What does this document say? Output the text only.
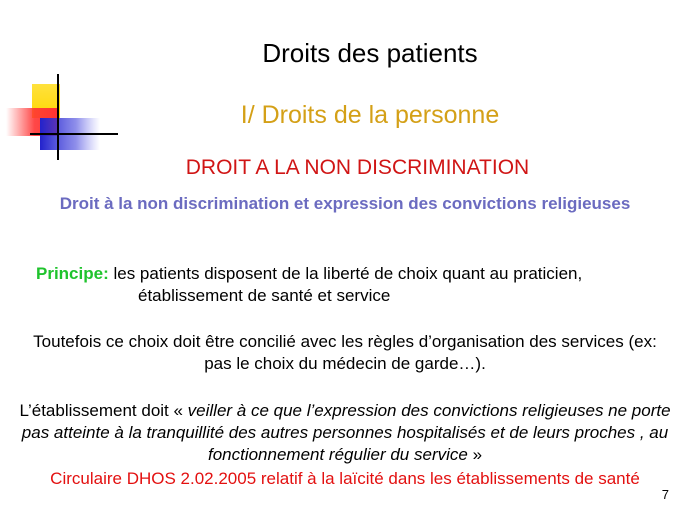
Droits des patients
I/ Droits de la personne
DROIT A LA NON DISCRIMINATION
Droit à la non discrimination et expression des convictions religieuses
Principe: les patients disposent de la liberté de choix quant au praticien,
établissement de santé et service
Toutefois ce choix doit être concilié avec les règles d’organisation des services (ex: pas le choix du médecin de garde…).
L’établissement doit « veiller à ce que l’expression des convictions religieuses ne porte pas atteinte à la tranquillité des autres personnes hospitalisés et de leurs proches , au fonctionnement régulier du service »
Circulaire DHOS 2.02.2005 relatif à la laïcité dans les établissements de santé
7
